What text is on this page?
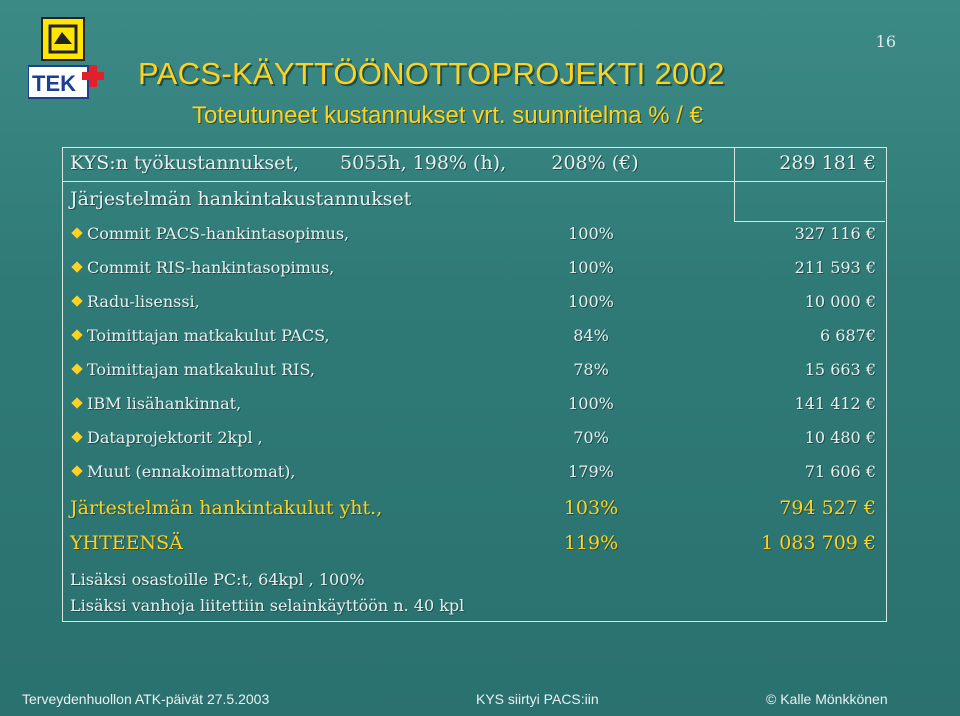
16
TEK PACS-KÄYTTÖÖNOTTOPROJEKTI 2002
Toteutuneet kustannukset vrt. suunnitelma % / €
KYS:n työkustannukset, 5055h, 198% (h),	208% (€)	289 181 €
Järjestelmän hankintakustannukset
Commit PACS-hankintasopimus,	100%	327 116 €
Commit RIS-hankintasopimus,	100%	211 593 €
Radu-lisenssi,	100%	10 000 €
Toimittajan matkakulut PACS,	84%	6 687€
Toimittajan matkakulut RIS,	78%	15 663 €
IBM lisähankinnat,	100%	141 412 €
Dataprojektorit 2kpl ,	70%	10 480 €
Muut (ennakoimattomat),	179%	71 606 €
Järtestelmän hankintakulut yht.,	103%	794 527 €
YHTEENSÄ	119%	1 083 709 €
Lisäksi osastoille PC:t, 64kpl , 100%
Lisäksi vanhoja liitettiin selainkäyttöön n. 40 kpl
Terveydenhuollon ATK-päivät 27.5.2003	KYS siirtyi PACS:iin	© Kalle Mönkkönen
